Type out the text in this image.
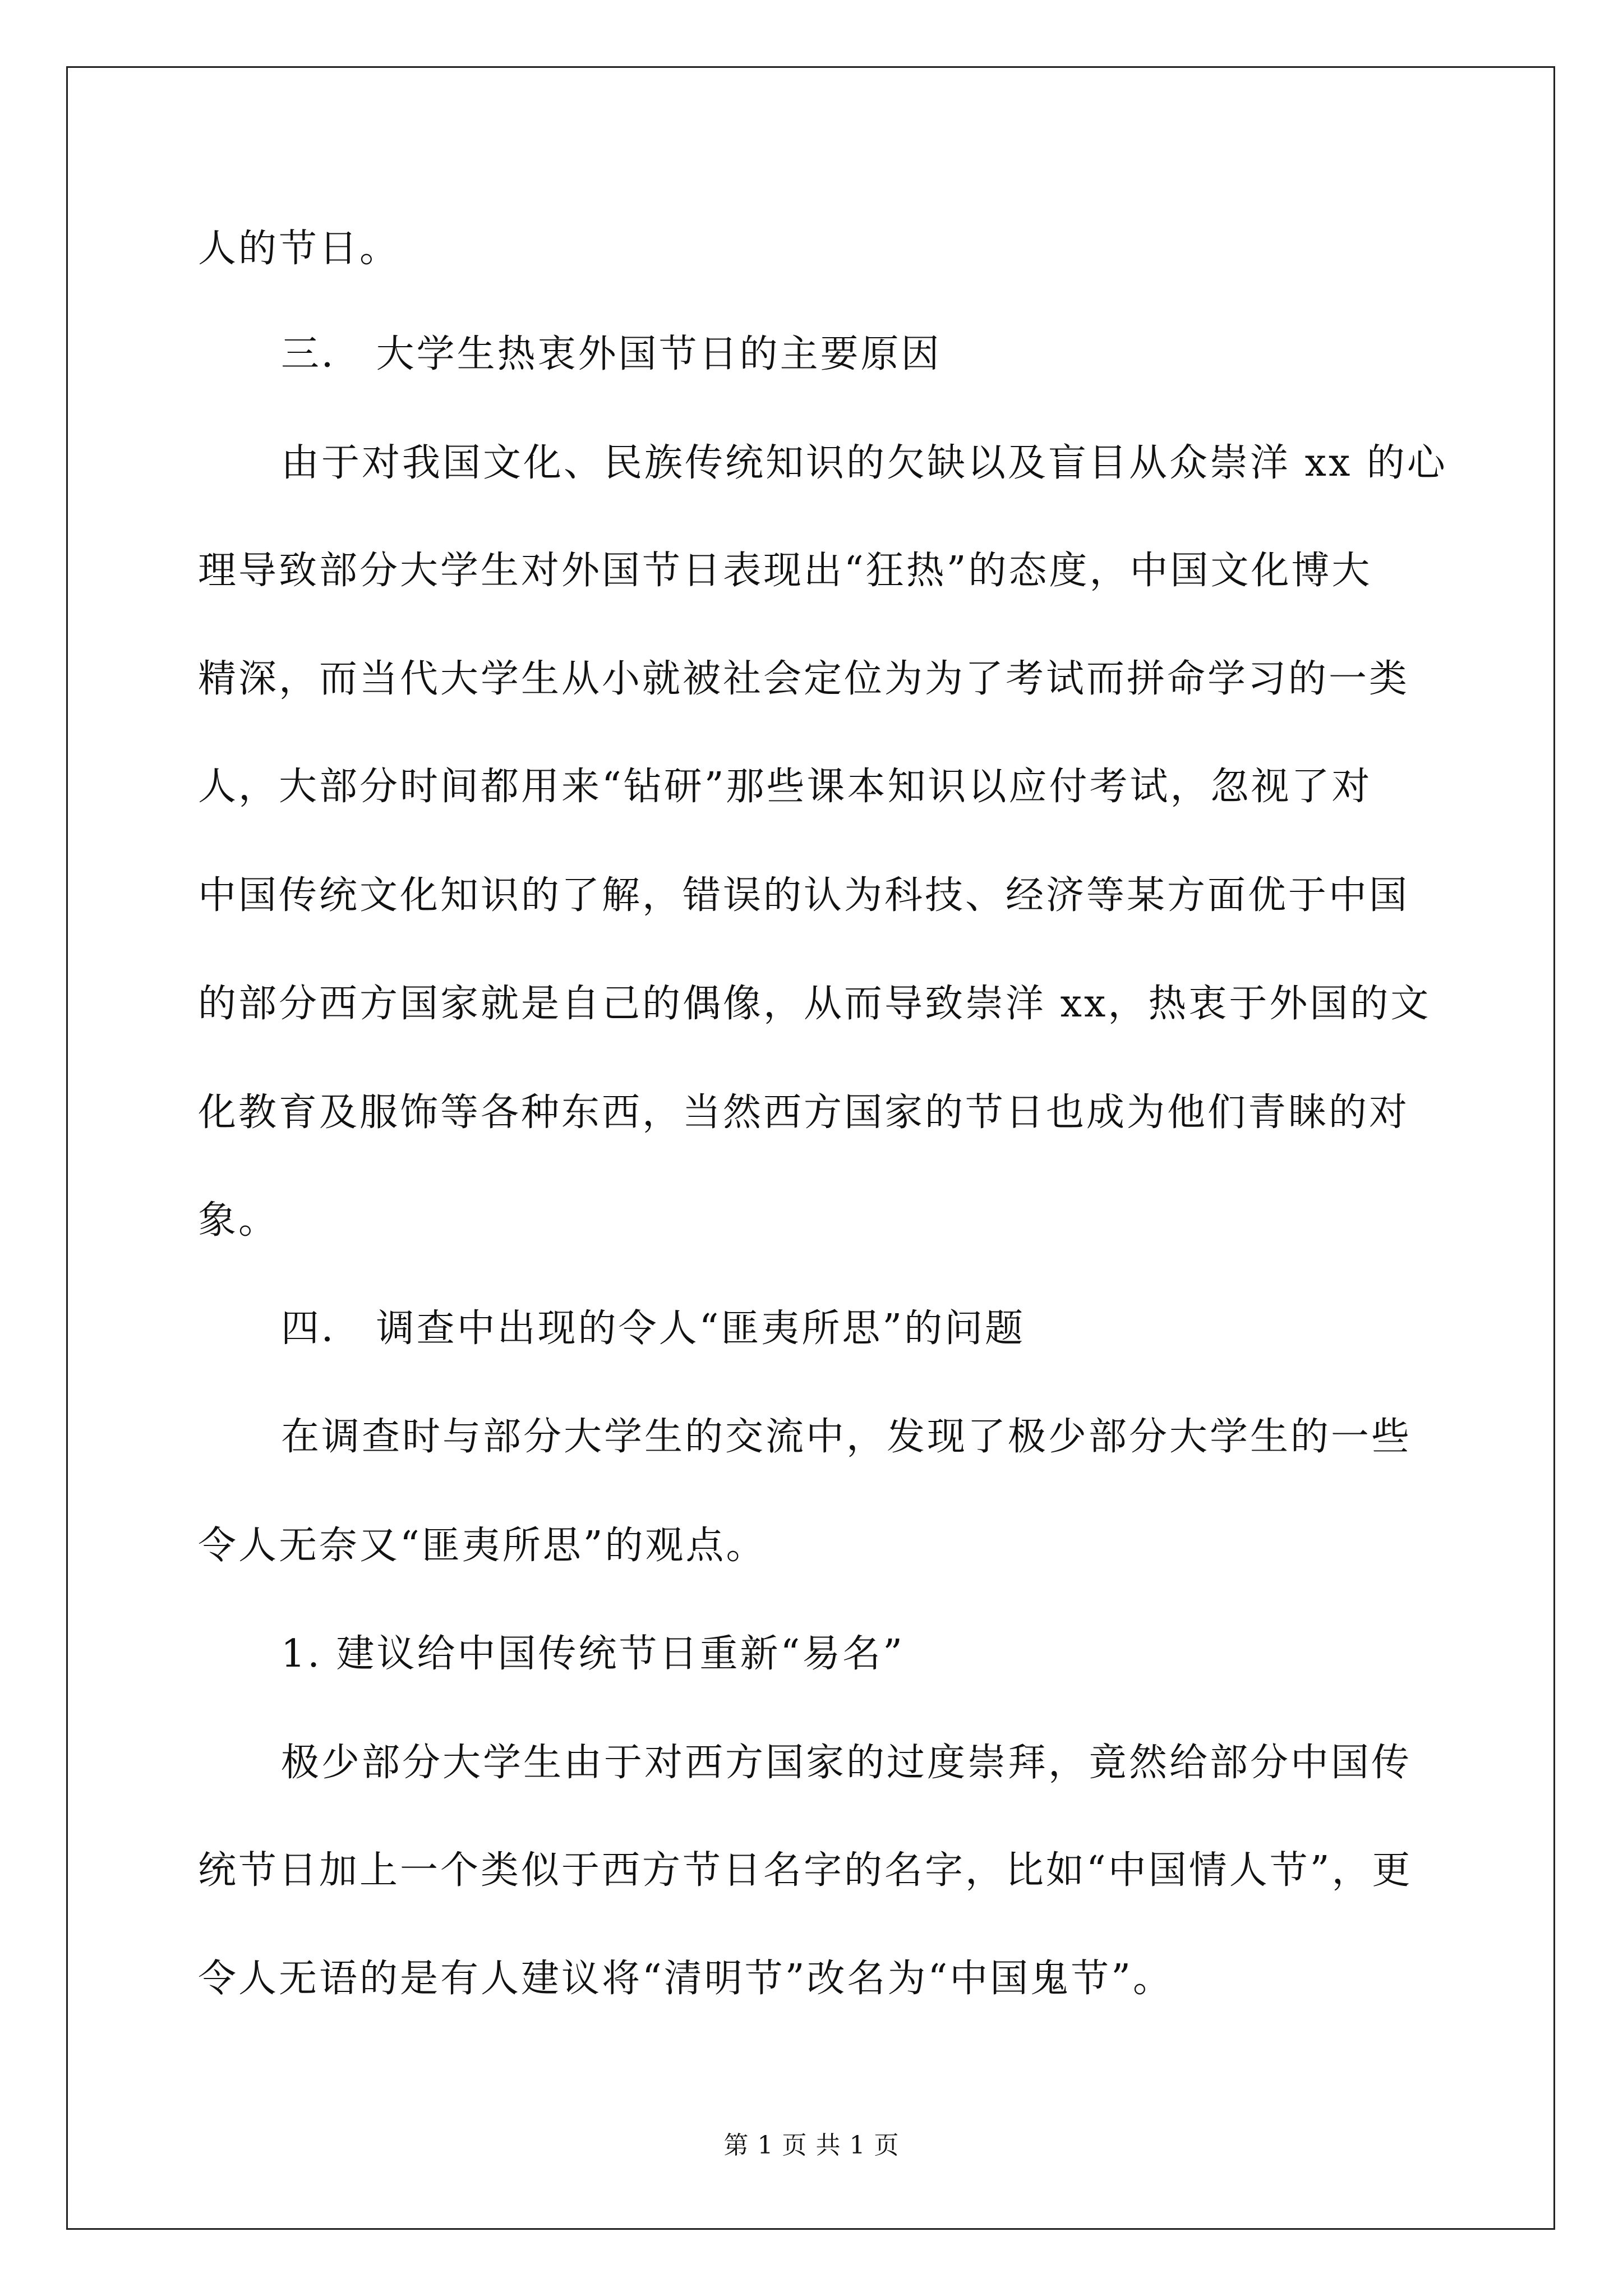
人的节日。
三． 大学生热衷外国节日的主要原因
由于对我国文化、民族传统知识的欠缺以及盲目从众崇洋 xx 的心
理导致部分大学生对外国节日表现出“狂热”的态度，中国文化博大
精深，而当代大学生从小就被社会定位为为了考试而拼命学习的一类
人，大部分时间都用来“钻研”那些课本知识以应付考试，忽视了对
中国传统文化知识的了解，错误的认为科技、经济等某方面优于中国
的部分西方国家就是自己的偶像，从而导致崇洋 xx，热衷于外国的文
化教育及服饰等各种东西，当然西方国家的节日也成为他们青睐的对
象。
四． 调查中出现的令人“匪夷所思”的问题
在调查时与部分大学生的交流中，发现了极少部分大学生的一些
令人无奈又“匪夷所思”的观点。
1. 建议给中国传统节日重新“易名”
极少部分大学生由于对西方国家的过度崇拜，竟然给部分中国传
统节日加上一个类似于西方节日名字的名字，比如“中国情人节”，更
令人无语的是有人建议将“清明节”改名为“中国鬼节”。
第 1 页 共 1 页
